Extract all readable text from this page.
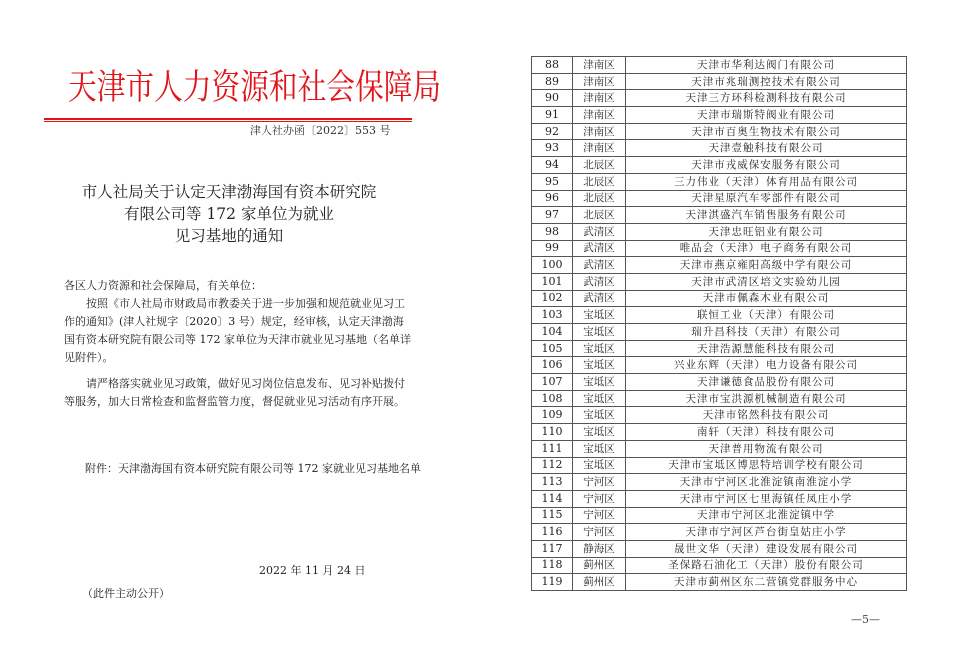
天津市人力资源和社会保障局
津人社办函〔2022〕553 号
市人社局关于认定天津渤海国有资本研究院
有限公司等 172 家单位为就业
见习基地的通知
各区人力资源和社会保障局，有关单位：
按照《市人社局市财政局市教委关于进一步加强和规范就业见习工作的通知》(津人社规字〔2020〕3 号）规定，经审核，认定天津渤海国有资本研究院有限公司等 172 家单位为天津市就业见习基地（名单详见附件）。
请严格落实就业见习政策，做好见习岗位信息发布、见习补贴拨付等服务，加大日常检查和监督监管力度，督促就业见习活动有序开展。
附件：天津渤海国有资本研究院有限公司等 172 家就业见习基地名单
2022 年 11 月 24 日
（此件主动公开）
88	津南区	天津市华利达阀门有限公司
89	津南区	天津市兆瑞测控技术有限公司
90	津南区	天津三方环科检测科技有限公司
91	津南区	天津市瑞斯特阀业有限公司
92	津南区	天津市百奥生物技术有限公司
93	津南区	天津壹触科技有限公司
94	北辰区	天津市戎威保安服务有限公司
95	北辰区	三力伟业（天津）体育用品有限公司
96	北辰区	天津星原汽车零部件有限公司
97	北辰区	天津淇盛汽车销售服务有限公司
98	武清区	天津忠旺铝业有限公司
99	武清区	唯品会（天津）电子商务有限公司
100	武清区	天津市燕京雍阳高级中学有限公司
101	武清区	天津市武清区培文实验幼儿园
102	武清区	天津市佩森木业有限公司
103	宝坻区	联恒工业（天津）有限公司
104	宝坻区	瑞升昌科技（天津）有限公司
105	宝坻区	天津浩源慧能科技有限公司
106	宝坻区	兴业东辉（天津）电力设备有限公司
107	宝坻区	天津谦德食品股份有限公司
108	宝坻区	天津市宝洪源机械制造有限公司
109	宝坻区	天津市铭然科技有限公司
110	宝坻区	南轩（天津）科技有限公司
111	宝坻区	天津普用物流有限公司
112	宝坻区	天津市宝坻区博思特培训学校有限公司
113	宁河区	天津市宁河区北淮淀镇南淮淀小学
114	宁河区	天津市宁河区七里海镇任凤庄小学
115	宁河区	天津市宁河区北淮淀镇中学
116	宁河区	天津市宁河区芦台街皇姑庄小学
117	静海区	晟世文华（天津）建设发展有限公司
118	蓟州区	圣保路石油化工（天津）股份有限公司
119	蓟州区	天津市蓟州区东二营镇党群服务中心
—5—
